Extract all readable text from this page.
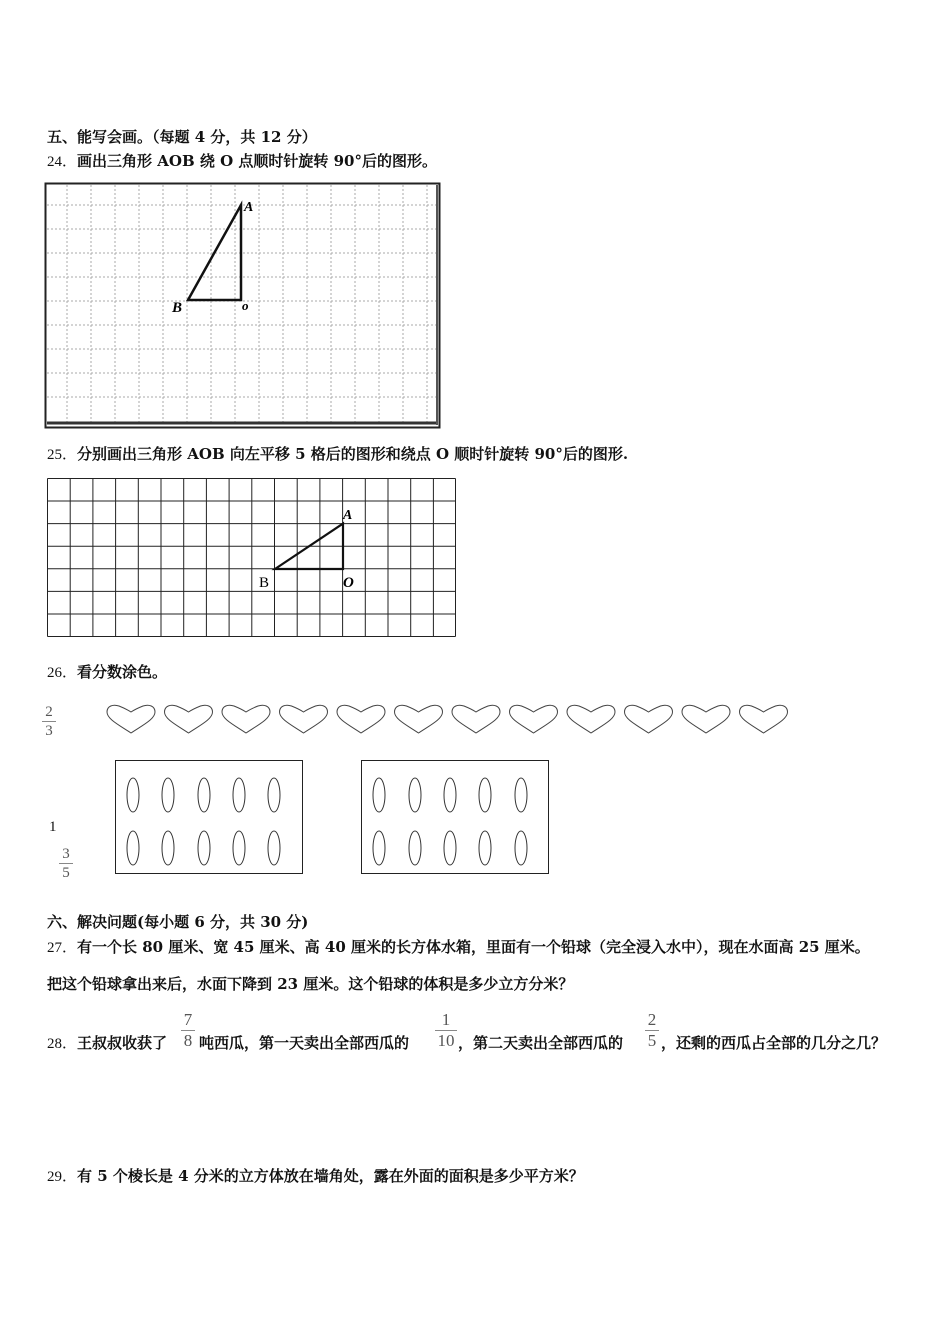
五、能写会画。（每题 4 分，共 12 分）
24．画出三角形 AOB 绕 O 点顺时针旋转 90°后的图形。
A
B	o
25．分别画出三角形 AOB 向左平移 5 格后的图形和绕点 O 顺时针旋转 90°后的图形.
A
B	O
26．看分数涂色。
2
3
1
3
5
六、解决问题(每小题 6 分，共 30 分)
27．有一个长 80 厘米、宽 45 厘米、高 40 厘米的长方体水箱，里面有一个铅球（完全浸入水中），现在水面高 25 厘米。
把这个铅球拿出来后，水面下降到 23 厘米。这个铅球的体积是多少立方分米？
28．王叔叔收获了
7
8 吨西瓜，第一天卖出全部西瓜的
1
10 ，第二天卖出全部西瓜的
2
5 ，还剩的西瓜占全部的几分之几？
29．有 5 个棱长是 4 分米的立方体放在墙角处，露在外面的面积是多少平方米？
